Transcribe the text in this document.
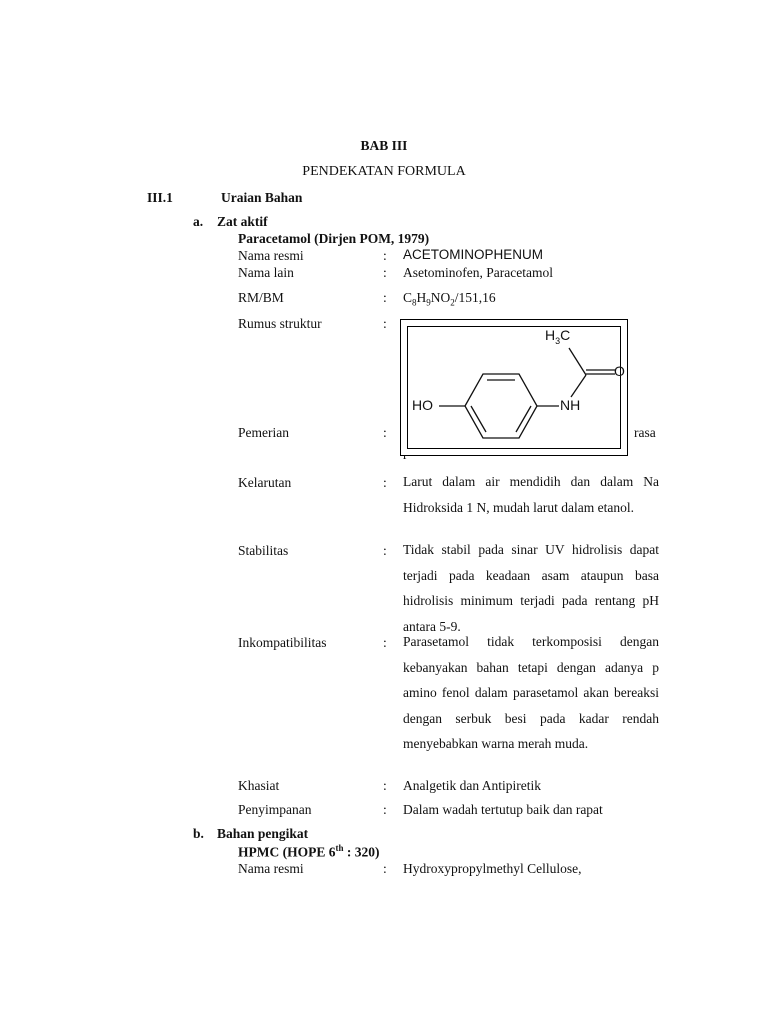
BAB III
PENDEKATAN FORMULA
III.1	Uraian Bahan
a. Zat aktif
Paracetamol (Dirjen POM, 1979)
Nama resmi	: ACETOMINOPHENUM
Nama lain	: Asetominofen, Paracetamol
RM/BM	: $C_8H_9NO_2/151,16$
Rumus struktur	:
Pemerian	:	rasa
$H_3C$
O
NH
HO
Kelarutan	: Larut dalam air mendidih dan dalam Na Hidroksida 1 N, mudah larut dalam etanol.
Stabilitas	: Tidak stabil pada sinar UV hidrolisis dapat terjadi pada keadaan asam ataupun basa hidrolisis minimum terjadi pada rentang pH antara 5-9.
Inkompatibilitas	: Parasetamol tidak terkomposisi dengan kebanyakan bahan tetapi dengan adanya p amino fenol dalam parasetamol akan bereaksi dengan serbuk besi pada kadar rendah menyebabkan warna merah muda.
Khasiat	: Analgetik dan Antipiretik
Penyimpanan	: Dalam wadah tertutup baik dan rapat
b. Bahan pengikat
HPMC (HOPE 6th : 320)
Nama resmi	: Hydroxypropylmethyl Cellulose,
